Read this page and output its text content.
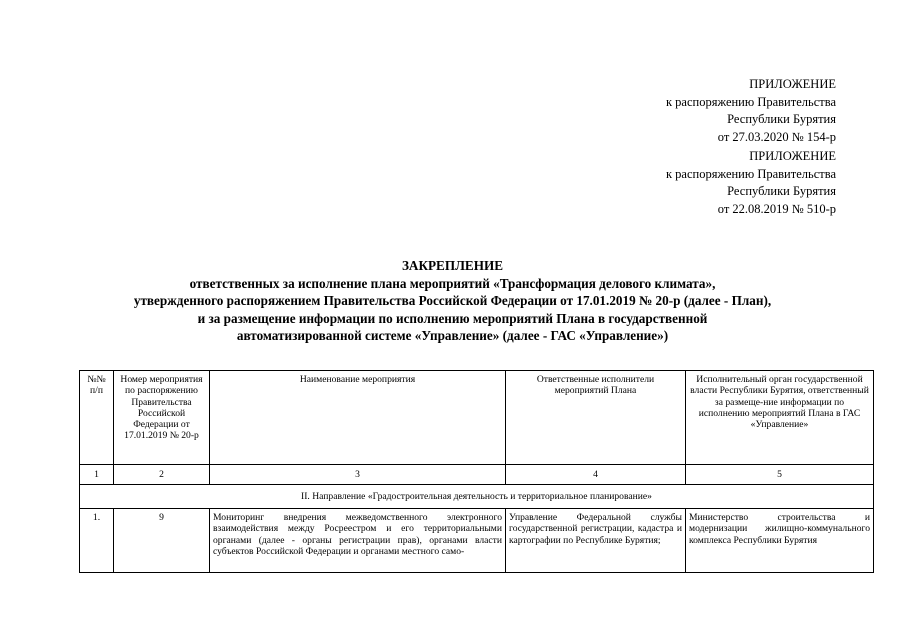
ПРИЛОЖЕНИЕ
к распоряжению Правительства
Республики Бурятия
от 27.03.2020 № 154-р
ПРИЛОЖЕНИЕ
к распоряжению Правительства
Республики Бурятия
от 22.08.2019 № 510-р
ЗАКРЕПЛЕНИЕ
ответственных за исполнение плана мероприятий «Трансформация делового климата»,
утвержденного распоряжением Правительства Российской Федерации от 17.01.2019 № 20-р (далее - План),
и за размещение информации по исполнению мероприятий Плана в государственной
автоматизированной системе «Управление» (далее - ГАС «Управление»)
№№ п/п	Номер мероприятия по распоряжению Правительства Российской Федерации от 17.01.2019 № 20-р	Наименование мероприятия	Ответственные исполнители мероприятий Плана	Исполнительный орган государственной власти Республики Бурятия, ответственный за размеще-ние информации по исполнению мероприятий Плана в ГАС «Управление»
1	2	3	4	5
II. Направление «Градостроительная деятельность и территориальное планирование»				
1.	9	Мониторинг внедрения межведомственного электронного взаимодействия между Росреестром и его территориальными органами (далее - органы регистрации прав), органами власти субъектов Российской Федерации и органами местного само-	Управление Федеральной службы государственной регистрации, кадастра и картографии по Республике Бурятия;	Министерство строительства и модернизации жилищно-коммунального комплекса Республики Бурятия
